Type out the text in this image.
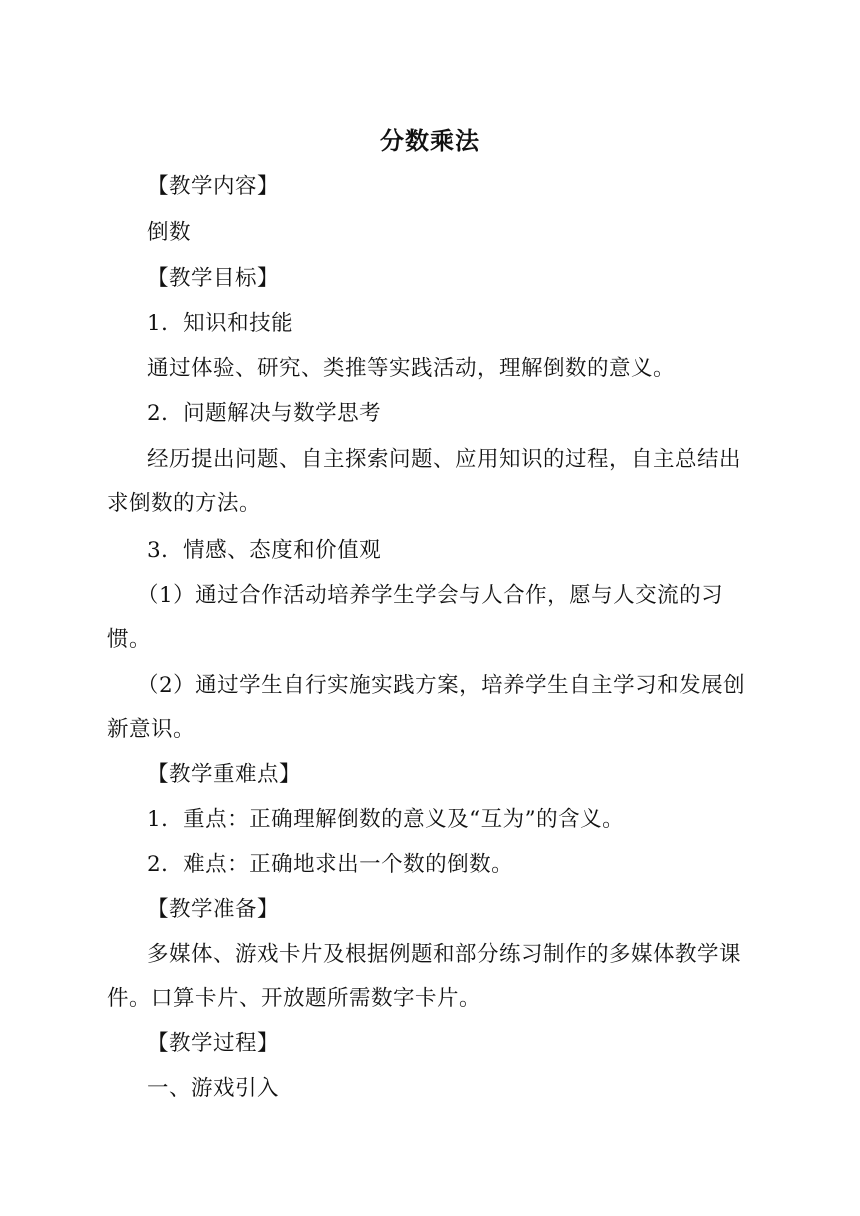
分数乘法

【教学内容】

倒数

【教学目标】

1．知识和技能

通过体验、研究、类推等实践活动，理解倒数的意义。

2．问题解决与数学思考

经历提出问题、自主探索问题、应用知识的过程，自主总结出求倒数的方法。

3．情感、态度和价值观

（1）通过合作活动培养学生学会与人合作，愿与人交流的习惯。

（2）通过学生自行实施实践方案，培养学生自主学习和发展创新意识。

【教学重难点】

1．重点：正确理解倒数的意义及“互为”的含义。

2．难点：正确地求出一个数的倒数。

【教学准备】

多媒体、游戏卡片及根据例题和部分练习制作的多媒体教学课件。口算卡片、开放题所需数字卡片。

【教学过程】

一、游戏引入
